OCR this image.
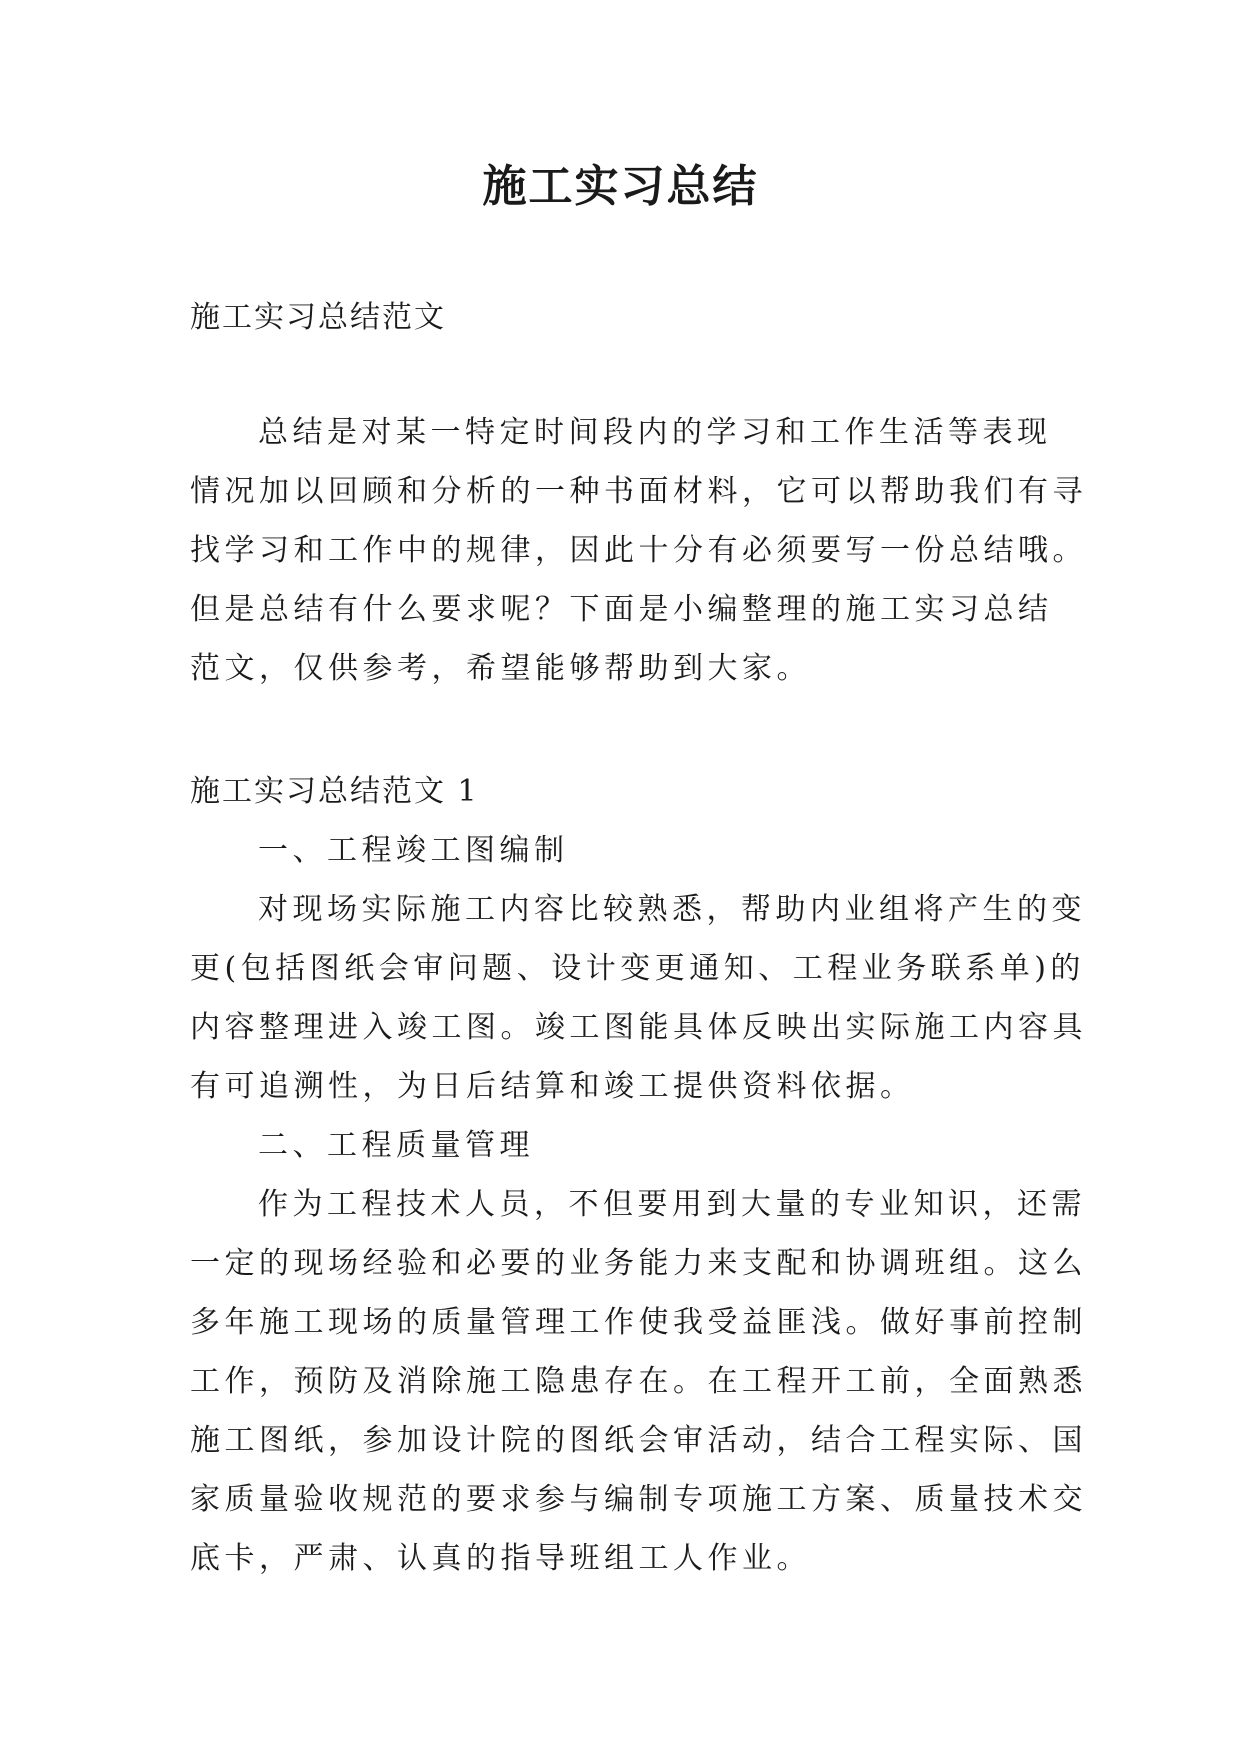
施工实习总结

施工实习总结范文

总结是对某一特定时间段内的学习和工作生活等表现
情况加以回顾和分析的一种书面材料，它可以帮助我们有寻
找学习和工作中的规律，因此十分有必须要写一份总结哦。
但是总结有什么要求呢？下面是小编整理的施工实习总结
范文，仅供参考，希望能够帮助到大家。
施工实习总结范文 1
一、工程竣工图编制
对现场实际施工内容比较熟悉，帮助内业组将产生的变
更(包括图纸会审问题、设计变更通知、工程业务联系单)的
内容整理进入竣工图。竣工图能具体反映出实际施工内容具
有可追溯性，为日后结算和竣工提供资料依据。
二、工程质量管理
作为工程技术人员，不但要用到大量的专业知识，还需
一定的现场经验和必要的业务能力来支配和协调班组。这么
多年施工现场的质量管理工作使我受益匪浅。做好事前控制
工作，预防及消除施工隐患存在。在工程开工前，全面熟悉
施工图纸，参加设计院的图纸会审活动，结合工程实际、国
家质量验收规范的要求参与编制专项施工方案、质量技术交
底卡，严肃、认真的指导班组工人作业。
